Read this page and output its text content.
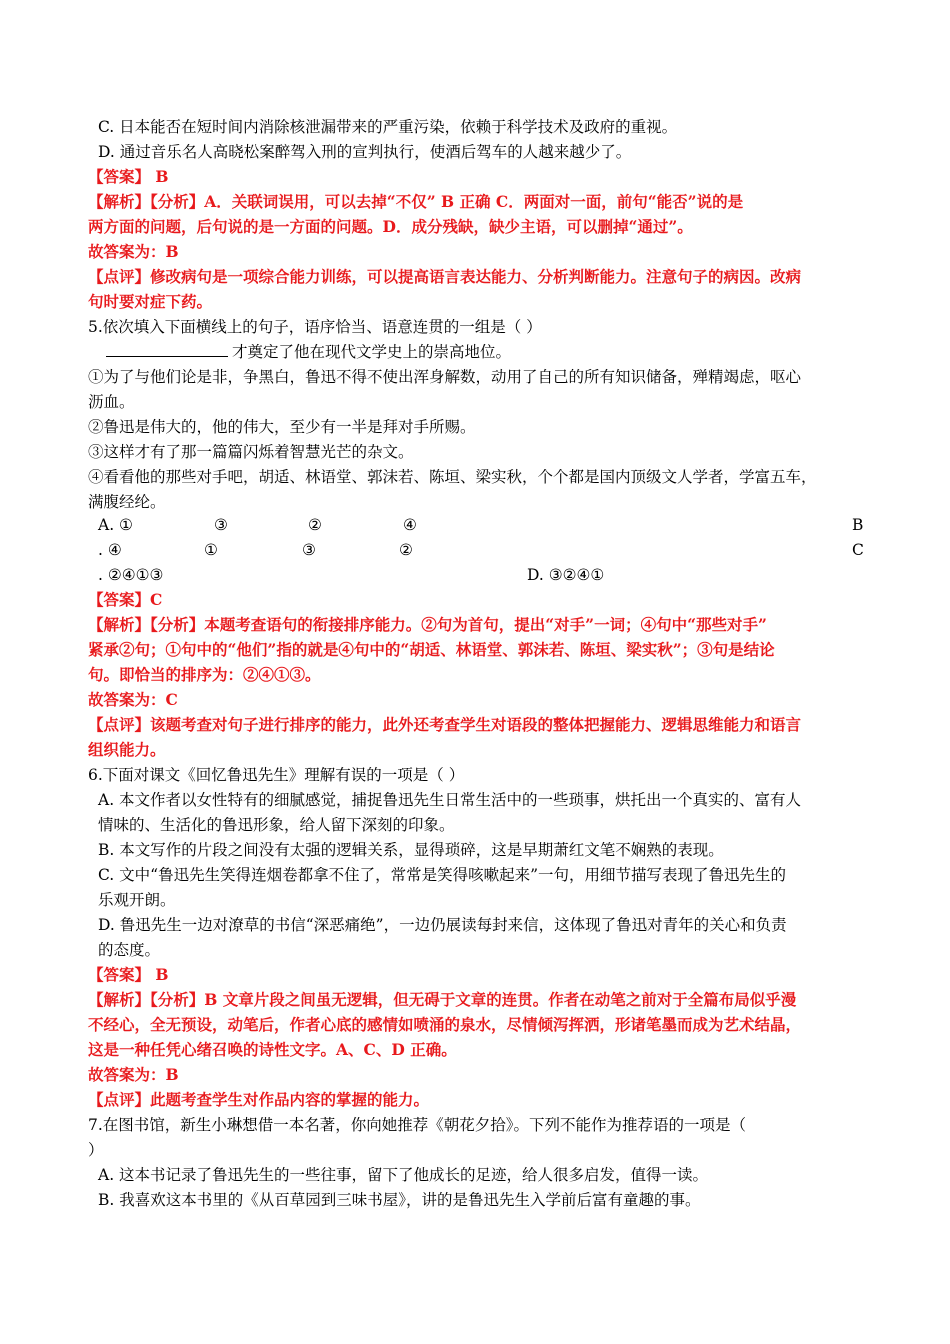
C. 日本能否在短时间内消除核泄漏带来的严重污染，依赖于科学技术及政府的重视。
D. 通过音乐名人高晓松案醉驾入刑的宣判执行，使酒后驾车的人越来越少了。
【答案】 B
【解析】【分析】A．关联词误用，可以去掉“不仅” B 正确 C．两面对一面，前句“能否”说的是
两方面的问题，后句说的是一方面的问题。D．成分残缺，缺少主语，可以删掉“通过”。
故答案为：B
【点评】修改病句是一项综合能力训练，可以提高语言表达能力、分析判断能力。注意句子的病因。改病
句时要对症下药。
5.依次填入下面横线上的句子，语序恰当、语意连贯的一组是（ ）
才奠定了他在现代文学史上的崇高地位。
①为了与他们论是非，争黑白，鲁迅不得不使出浑身解数，动用了自己的所有知识储备，殚精竭虑，呕心
沥血。
②鲁迅是伟大的，他的伟大，至少有一半是拜对手所赐。
③这样才有了那一篇篇闪烁着智慧光芒的杂文。
④看看他的那些对手吧，胡适、林语堂、郭沫若、陈垣、梁实秋，个个都是国内顶级文人学者，学富五车，
满腹经纶。
A. ①	③	②	④	B
. ④	①	③	②	C
. ②④①③	D. ③②④①
【答案】C
【解析】【分析】本题考查语句的衔接排序能力。②句为首句，提出“对手”一词；④句中“那些对手”
紧承②句；①句中的“他们”指的就是④句中的“胡适、林语堂、郭沫若、陈垣、梁实秋”；③句是结论
句。即恰当的排序为：②④①③。
故答案为：C
【点评】该题考查对句子进行排序的能力，此外还考查学生对语段的整体把握能力、逻辑思维能力和语言
组织能力。
6.下面对课文《回忆鲁迅先生》理解有误的一项是（ ）
A. 本文作者以女性特有的细腻感觉，捕捉鲁迅先生日常生活中的一些琐事，烘托出一个真实的、富有人
情味的、生活化的鲁迅形象，给人留下深刻的印象。
B. 本文写作的片段之间没有太强的逻辑关系，显得琐碎，这是早期萧红文笔不娴熟的表现。
C. 文中“鲁迅先生笑得连烟卷都拿不住了，常常是笑得咳嗽起来”一句，用细节描写表现了鲁迅先生的
乐观开朗。
D. 鲁迅先生一边对潦草的书信“深恶痛绝”，一边仍展读每封来信，这体现了鲁迅对青年的关心和负责
的态度。
【答案】 B
【解析】【分析】B 文章片段之间虽无逻辑，但无碍于文章的连贯。作者在动笔之前对于全篇布局似乎漫
不经心，全无预设，动笔后，作者心底的感情如喷涌的泉水，尽情倾泻挥洒，形诸笔墨而成为艺术结晶，
这是一种任凭心绪召唤的诗性文字。A、C、D 正确。
故答案为：B
【点评】此题考查学生对作品内容的掌握的能力。
7.在图书馆，新生小琳想借一本名著，你向她推荐《朝花夕拾》。下列不能作为推荐语的一项是（
）
A. 这本书记录了鲁迅先生的一些往事，留下了他成长的足迹，给人很多启发，值得一读。
B. 我喜欢这本书里的《从百草园到三味书屋》，讲的是鲁迅先生入学前后富有童趣的事。
